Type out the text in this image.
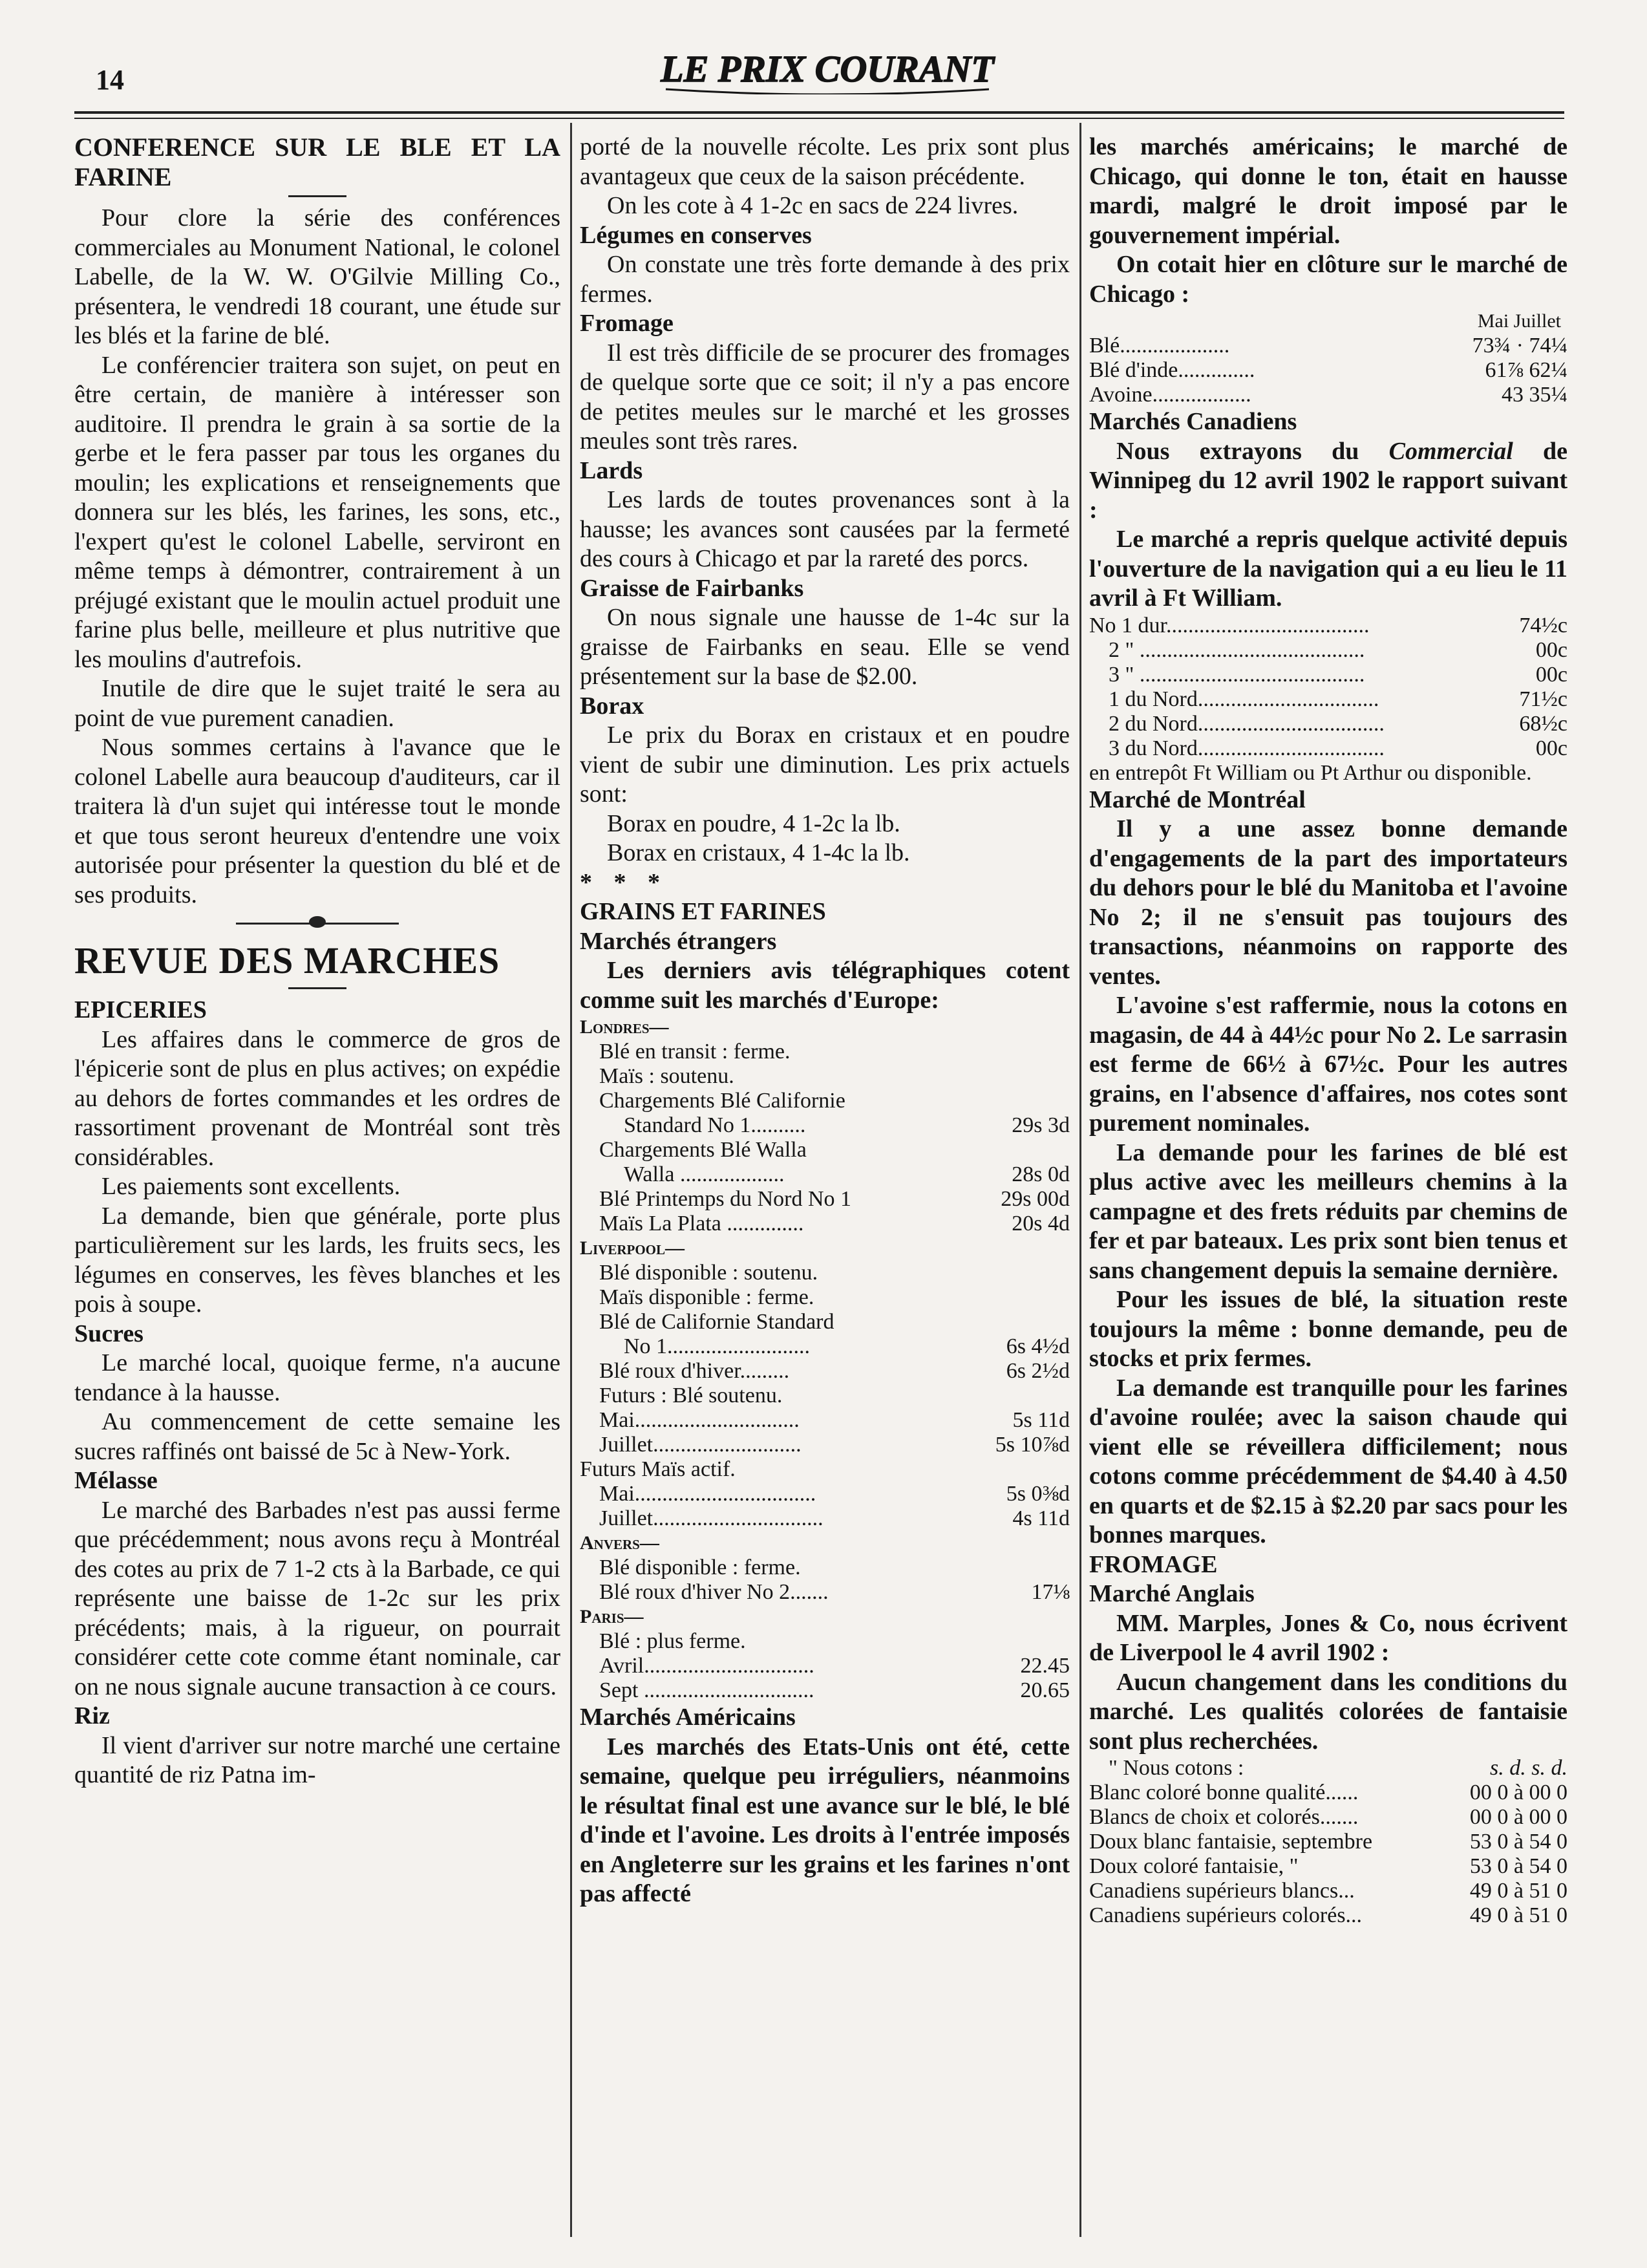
14	LE PRIX COURANT

CONFERENCE SUR LE BLE ET LA FARINE

Pour clore la série des conférences commerciales au Monument National, le colonel Labelle, de la W. W. O'Gilvie Milling Co., présentera, le vendredi 18 courant, une étude sur les blés et la farine de blé.

Le conférencier traitera son sujet, on peut en être certain, de manière à intéresser son auditoire. Il prendra le grain à sa sortie de la gerbe et le fera passer par tous les organes du moulin; les explications et renseignements que donnera sur les blés, les farines, les sons, etc., l'expert qu'est le colonel Labelle, serviront en même temps à démontrer, contrairement à un préjugé existant que le moulin actuel produit une farine plus belle, meilleure et plus nutritive que les moulins d'autrefois.

Inutile de dire que le sujet traité le sera au point de vue purement canadien.

Nous sommes certains à l'avance que le colonel Labelle aura beaucoup d'auditeurs, car il traitera là d'un sujet qui intéresse tout le monde et que tous seront heureux d'entendre une voix autorisée pour présenter la question du blé et de ses produits.

REVUE DES MARCHES

EPICERIES

Les affaires dans le commerce de gros de l'épicerie sont de plus en plus actives; on expédie au dehors de fortes commandes et les ordres de rassortiment provenant de Montréal sont très considérables.

Les paiements sont excellents.

La demande, bien que générale, porte plus particulièrement sur les lards, les fruits secs, les légumes en conserves, les fèves blanches et les pois à soupe.

Sucres

Le marché local, quoique ferme, n'a aucune tendance à la hausse.

Au commencement de cette semaine les sucres raffinés ont baissé de 5c à New-York.

Mélasse

Le marché des Barbades n'est pas aussi ferme que précédemment; nous avons reçu à Montréal des cotes au prix de 7 1-2 cts à la Barbade, ce qui représente une baisse de 1-2c sur les prix précédents; mais, à la rigueur, on pourrait considérer cette cote comme étant nominale, car on ne nous signale aucune transaction à ce cours.

Riz

Il vient d'arriver sur notre marché une certaine quantité de riz Patna im-

porté de la nouvelle récolte. Les prix sont plus avantageux que ceux de la saison précédente.

On les cote à 4 1-2c en sacs de 224 livres.

Légumes en conserves

On constate une très forte demande à des prix fermes.

Fromage

Il est très difficile de se procurer des fromages de quelque sorte que ce soit; il n'y a pas encore de petites meules sur le marché et les grosses meules sont très rares.

Lards

Les lards de toutes provenances sont à la hausse; les avances sont causées par la fermeté des cours à Chicago et par la rareté des porcs.

Graisse de Fairbanks

On nous signale une hausse de 1-4c sur la graisse de Fairbanks en seau. Elle se vend présentement sur la base de $2.00.

Borax

Le prix du Borax en cristaux et en poudre vient de subir une diminution. Les prix actuels sont:

Borax en poudre, 4 1-2c la lb.

Borax en cristaux, 4 1-4c la lb.

* * *

GRAINS ET FARINES

Marchés étrangers

Les derniers avis télégraphiques cotent comme suit les marchés d'Europe:

Londres—
Blé en transit : ferme.
Maïs : soutenu.
Chargements Blé Californie
Standard No 1..........	29s 3d
Chargements Blé Walla
Walla ...................	28s 0d
Blé Printemps du Nord No 1	29s 00d
Maïs La Plata ..............	20s 4d
Liverpool—
Blé disponible : soutenu.
Maïs disponible : ferme.
Blé de Californie Standard
No 1..........................	6s 4½d
Blé roux d'hiver.........	6s 2½d
Futurs : Blé soutenu.
Mai..............................	5s 11d
Juillet...........................	5s 10⅞d
Futurs Maïs actif.
Mai.................................	5s 0⅜d
Juillet...............................	4s 11d
Anvers—
Blé disponible : ferme.
Blé roux d'hiver No 2.......	17⅛
Paris—
Blé : plus ferme.
Avril...............................	22.45
Sept ...............................	20.65

Marchés Américains

Les marchés des Etats-Unis ont été, cette semaine, quelque peu irréguliers, néanmoins le résultat final est une avance sur le blé, le blé d'inde et l'avoine. Les droits à l'entrée imposés en Angleterre sur les grains et les farines n'ont pas affecté

les marchés américains; le marché de Chicago, qui donne le ton, était en hausse mardi, malgré le droit imposé par le gouvernement impérial.

On cotait hier en clôture sur le marché de Chicago :

Mai Juillet
Blé....................	73¾ · 74¼
Blé d'inde..............	61⅞ 62¼
Avoine..................	43 35¼

Marchés Canadiens

Nous extrayons du Commercial de Winnipeg du 12 avril 1902 le rapport suivant :

Le marché a repris quelque activité depuis l'ouverture de la navigation qui a eu lieu le 11 avril à Ft William.

No 1 dur.....................................	74½c
2 " .........................................	00c
3 " .........................................	00c
1 du Nord.................................	71½c
2 du Nord..................................	68½c
3 du Nord..................................	00c
en entrepôt Ft William ou Pt Arthur ou disponible.

Marché de Montréal

Il y a une assez bonne demande d'engagements de la part des importateurs du dehors pour le blé du Manitoba et l'avoine No 2; il ne s'ensuit pas toujours des transactions, néanmoins on rapporte des ventes.

L'avoine s'est raffermie, nous la cotons en magasin, de 44 à 44½c pour No 2. Le sarrasin est ferme de 66½ à 67½c. Pour les autres grains, en l'absence d'affaires, nos cotes sont purement nominales.

La demande pour les farines de blé est plus active avec les meilleurs chemins à la campagne et des frets réduits par chemins de fer et par bateaux. Les prix sont bien tenus et sans changement depuis la semaine dernière.

Pour les issues de blé, la situation reste toujours la même : bonne demande, peu de stocks et prix fermes.

La demande est tranquille pour les farines d'avoine roulée; avec la saison chaude qui vient elle se réveillera difficilement; nous cotons comme précédemment de $4.40 à 4.50 en quarts et de $2.15 à $2.20 par sacs pour les bonnes marques.

FROMAGE

Marché Anglais

MM. Marples, Jones & Co, nous écrivent de Liverpool le 4 avril 1902 :

Aucun changement dans les conditions du marché. Les qualités colorées de fantaisie sont plus recherchées.

" Nous cotons :	s. d. s. d.
Blanc coloré bonne qualité......	00 0 à 00 0
Blancs de choix et colorés.......	00 0 à 00 0
Doux blanc fantaisie, septembre	53 0 à 54 0
Doux coloré fantaisie, "	53 0 à 54 0
Canadiens supérieurs blancs...	49 0 à 51 0
Canadiens supérieurs colorés...	49 0 à 51 0
